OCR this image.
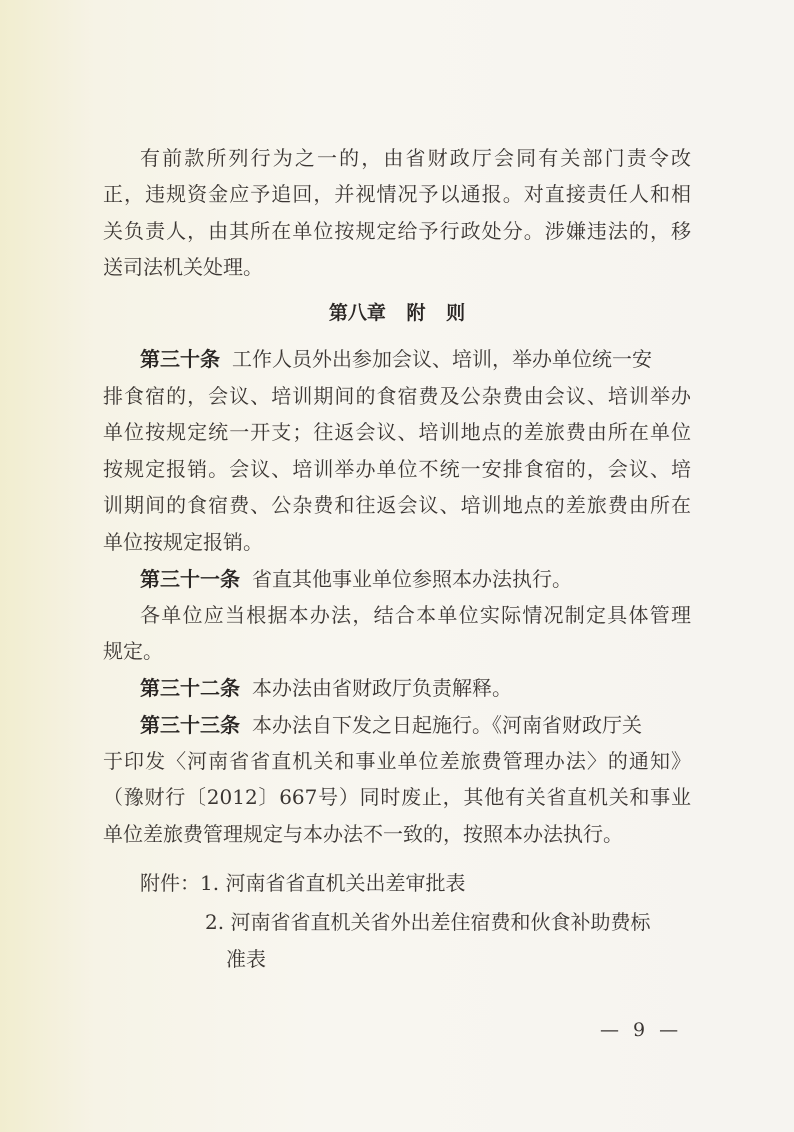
有前款所列行为之一的，由省财政厅会同有关部门责令改
正，违规资金应予追回，并视情况予以通报。对直接责任人和相
关负责人，由其所在单位按规定给予行政处分。涉嫌违法的，移
送司法机关处理。
第八章 附 则
第三十条 工作人员外出参加会议、培训，举办单位统一安
排食宿的，会议、培训期间的食宿费及公杂费由会议、培训举办
单位按规定统一开支；往返会议、培训地点的差旅费由所在单位
按规定报销。会议、培训举办单位不统一安排食宿的，会议、培
训期间的食宿费、公杂费和往返会议、培训地点的差旅费由所在
单位按规定报销。
第三十一条 省直其他事业单位参照本办法执行。
各单位应当根据本办法，结合本单位实际情况制定具体管理
规定。
第三十二条 本办法由省财政厅负责解释。
第三十三条 本办法自下发之日起施行。《河南省财政厅关
于印发〈河南省省直机关和事业单位差旅费管理办法〉的通知》
（豫财行〔2012〕667号）同时废止，其他有关省直机关和事业
单位差旅费管理规定与本办法不一致的，按照本办法执行。
附件：1. 河南省省直机关出差审批表
2. 河南省省直机关省外出差住宿费和伙食补助费标
准表
— 9 —
